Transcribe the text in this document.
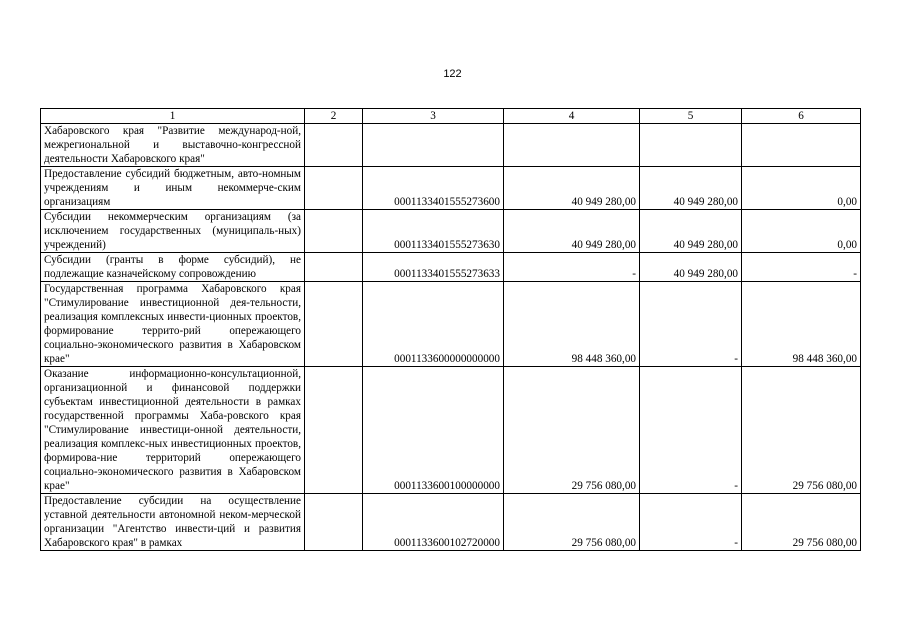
122
1	2	3	4	5	6
Хабаровского края "Развитие международ-ной, межрегиональной и выставочно-конгрессной деятельности Хабаровского края"					
Предоставление субсидий бюджетным, авто-номным учреждениям и иным некоммерче-ским организациям		0001133401555273600	40 949 280,00	40 949 280,00	0,00
Субсидии некоммерческим организациям (за исключением государственных (муниципаль-ных) учреждений)		0001133401555273630	40 949 280,00	40 949 280,00	0,00
Субсидии (гранты в форме субсидий), не подлежащие казначейскому сопровождению		0001133401555273633	-	40 949 280,00	-
Государственная программа Хабаровского края "Стимулирование инвестиционной дея-тельности, реализация комплексных инвести-ционных проектов, формирование террито-рий опережающего социально-экономического развития в Хабаровском крае"		0001133600000000000	98 448 360,00	-	98 448 360,00
Оказание информационно-консультационной, организационной и финансовой поддержки субъектам инвестиционной деятельности в рамках государственной программы Хаба-ровского края "Стимулирование инвестици-онной деятельности, реализация комплекс-ных инвестиционных проектов, формирова-ние территорий опережающего социально-экономического развития в Хабаровском крае"		0001133600100000000	29 756 080,00	-	29 756 080,00
Предоставление субсидии на осуществление уставной деятельности автономной неком-мерческой организации "Агентство инвести-ций и развития Хабаровского края" в рамках		0001133600102720000	29 756 080,00	-	29 756 080,00
